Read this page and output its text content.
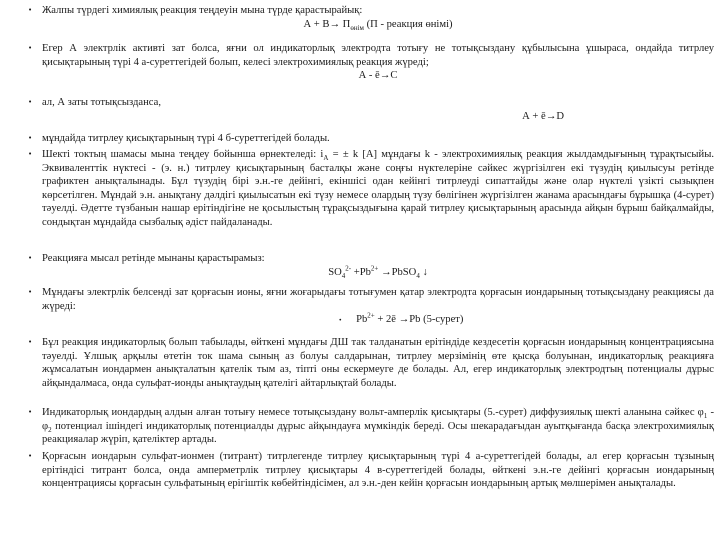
• Жалпы түрдегі химиялық реакция теңдеуін мына түрде қарастырайық:
$А + В\to П_{өнім}$ (П - реакция өнімі)
• Егер А электрлік активті зат болса, яғни ол индикаторлық электродта тотығу не тотықсыздану құбылысына ұшыраса, ондайда титрлеу қисықтарының түрі 4 а-суреттегідей болып, келесі электрохимиялық реакция жүреді;
А - ē→С
• ал, А заты тотықсызданса,
А + ē→D
• мұндайда титрлеу қисықтарының түрі 4 б-суреттегідей болады.
• Шекті токтың шамасы мына теңдеу бойынша өрнектеледі: $i_A$ = ± k [A] мұндағы k - электрохимиялық реакция жылдамдығының тұрақтысыйы. Эквиваленттік нүктесі - (э. н.) титрлеу қисықтарының басталқы және соңғы нүктелеріне сәйкес жүргізілген екі түзудің қиылысуы ретінде графиктен анықталынады. Бұл түзудің бірі э.н.-ге дейінгі, екіншісі одан кейінгі титрлеуді сипаттайды және олар нүктелі үзікті сызықпен көрсетілген. Мұндай э.н. анықтану дәлдігі қиылысатын екі түзу немесе олардың түзу бөлігінен жүргізілген жанама арасындағы бұрышқа (4-сурет) тәуелді. Әдетте түзбанын нашар ерітіндігіне не қосылыстың тұрақсыздығына қарай титрлеу қисықтарының арасында айқын бұрыш байқалмайды, сондықтан мұндайда сызбалық әдіст пайдаланады.
• Реакцияға мысал ретінде мынаны қарастырамыз:
$SO_4^{2-} +Pb^{2+}$ →PbSO$_4$ ↓
• Мұндағы электрлік белсенді зат қорғасын ионы, яғни жоғарыдағы тотығумен қатар электродта қорғасын иондарының тотықсыздану реакциясы да жүреді:
• $Pb^{2+}$ + 2ē →Pb (5-сурет)
• Бұл реакция индикаторлық болып табылады, өйткені мұндағы ДШ так талданатын ерітіндіде кездесетін қорғасын иондарының концентрациясына тәуелді. Ұлшық арқылы өтетін ток шама сының аз болуы салдарынан, титрлеу мерзімінің өте қысқа болуынан, индикаторлық реакцияға жұмсалатын иондармен анықталатын қателік тым аз, тіпті оны ескермеуге де болады. Ал, егер индикаторлық электродтың потенциалы дұрыс айқындалмаса, онда сульфат-ионды анықтаудың қателігі айтарлықтай болады.
• Индикаторлық иондардың алдын алған тотығу немесе тотықсыздану вольт-амперлік қисықтары (5.-сурет) диффузиялық шекті аланына сәйкес $\varphi_1 - \varphi_2$ потенциал ішіндегі индикаторлық потенциалды дұрыс айқындауға мүмкіндік береді. Осы шекарадағыдан ауытқығанда басқа электрохимиялық реакцияалар жүріп, қателіктер артады.
• Қорғасын иондарын сульфат-ионмен (титрант) титрлегенде титрлеу қисықтарының түрі 4 а-суреттегідей болады, ал егер қорғасын тұзының ерітіндісі титрант болса, онда амперметрлік титрлеу қисықтары 4 в-суреттегідей болады, өйткені э.н.-ге дейінгі қорғасын иондарының концентрациясы қорғасын сульфатының ерігіштік көбейтіндісімен, ал э.н.-ден кейін қорғасын иондарының артық мөлшерімен анықталады.
